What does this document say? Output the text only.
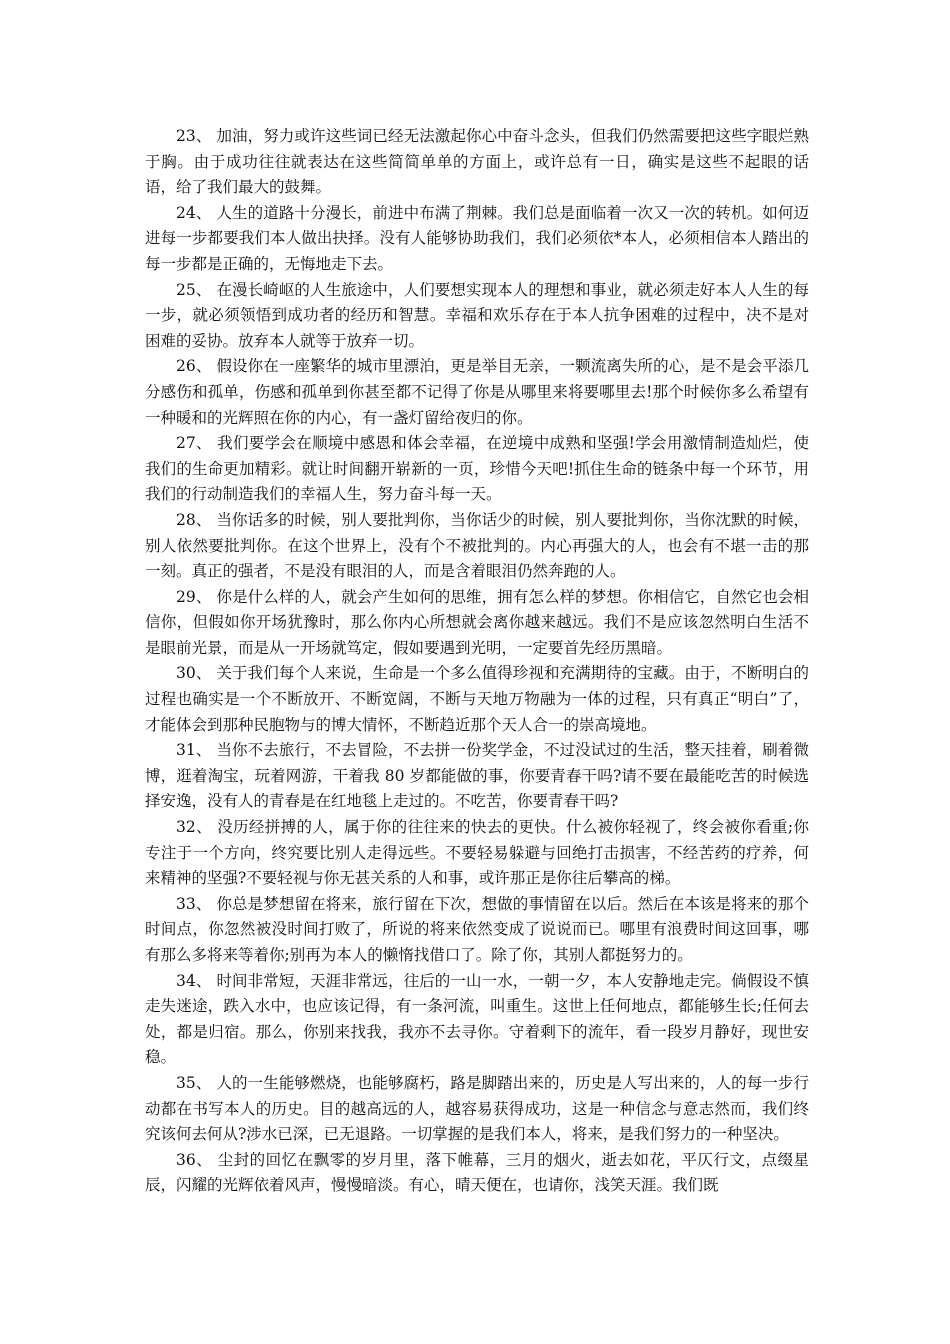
23、 加油，努力或许这些词已经无法激起你心中奋斗念头，但我们仍然需要把这些字眼烂熟于胸。由于成功往往就表达在这些简简单单的方面上，或许总有一日，确实是这些不起眼的话语，给了我们最大的鼓舞。

24、 人生的道路十分漫长，前进中布满了荆棘。我们总是面临着一次又一次的转机。如何迈进每一步都要我们本人做出抉择。没有人能够协助我们，我们必须依*本人，必须相信本人踏出的每一步都是正确的，无悔地走下去。

25、 在漫长崎岖的人生旅途中，人们要想实现本人的理想和事业，就必须走好本人人生的每一步，就必须领悟到成功者的经历和智慧。幸福和欢乐存在于本人抗争困难的过程中，决不是对困难的妥协。放弃本人就等于放弃一切。

26、 假设你在一座繁华的城市里漂泊，更是举目无亲，一颗流离失所的心，是不是会平添几分感伤和孤单，伤感和孤单到你甚至都不记得了你是从哪里来将要哪里去!那个时候你多么希望有一种暖和的光辉照在你的内心，有一盏灯留给夜归的你。

27、 我们要学会在顺境中感恩和体会幸福，在逆境中成熟和坚强!学会用激情制造灿烂，使我们的生命更加精彩。就让时间翻开崭新的一页，珍惜今天吧!抓住生命的链条中每一个环节，用我们的行动制造我们的幸福人生，努力奋斗每一天。

28、 当你话多的时候，别人要批判你，当你话少的时候，别人要批判你，当你沈默的时候，别人依然要批判你。在这个世界上，没有个不被批判的。内心再强大的人，也会有不堪一击的那一刻。真正的强者，不是没有眼泪的人，而是含着眼泪仍然奔跑的人。

29、 你是什么样的人，就会产生如何的思维，拥有怎么样的梦想。你相信它，自然它也会相信你，但假如你开场犹豫时，那么你内心所想就会离你越来越远。我们不是应该忽然明白生活不是眼前光景，而是从一开场就笃定，假如要遇到光明，一定要首先经历黑暗。

30、 关于我们每个人来说，生命是一个多么值得珍视和充满期待的宝藏。由于，不断明白的过程也确实是一个不断放开、不断宽阔，不断与天地万物融为一体的过程，只有真正“明白”了，才能体会到那种民胞物与的博大情怀，不断趋近那个天人合一的崇高境地。

31、 当你不去旅行，不去冒险，不去拼一份奖学金，不过没试过的生活，整天挂着，刷着微博，逛着淘宝，玩着网游，干着我 80 岁都能做的事，你要青春干吗?请不要在最能吃苦的时候选择安逸，没有人的青春是在红地毯上走过的。不吃苦，你要青春干吗?

32、 没历经拼搏的人，属于你的往往来的快去的更快。什么被你轻视了，终会被你看重;你专注于一个方向，终究要比别人走得远些。不要轻易躲避与回绝打击损害，不经苦药的疗养，何来精神的坚强?不要轻视与你无甚关系的人和事，或许那正是你往后攀高的梯。

33、 你总是梦想留在将来，旅行留在下次，想做的事情留在以后。然后在本该是将来的那个时间点，你忽然被没时间打败了，所说的将来依然变成了说说而已。哪里有浪费时间这回事，哪有那么多将来等着你;别再为本人的懒惰找借口了。除了你，其别人都挺努力的。

34、 时间非常短，天涯非常远，往后的一山一水，一朝一夕，本人安静地走完。倘假设不慎走失迷途，跌入水中，也应该记得，有一条河流，叫重生。这世上任何地点，都能够生长;任何去处，都是归宿。那么，你别来找我，我亦不去寻你。守着剩下的流年，看一段岁月静好，现世安稳。

35、 人的一生能够燃烧，也能够腐朽，路是脚踏出来的，历史是人写出来的，人的每一步行动都在书写本人的历史。目的越高远的人，越容易获得成功，这是一种信念与意志然而，我们终究该何去何从?涉水已深，已无退路。一切掌握的是我们本人，将来，是我们努力的一种坚决。

36、 尘封的回忆在飘零的岁月里，落下帷幕，三月的烟火，逝去如花，平仄行文，点缀星辰，闪耀的光辉依着风声，慢慢暗淡。有心，晴天便在，也请你，浅笑天涯。我们既
